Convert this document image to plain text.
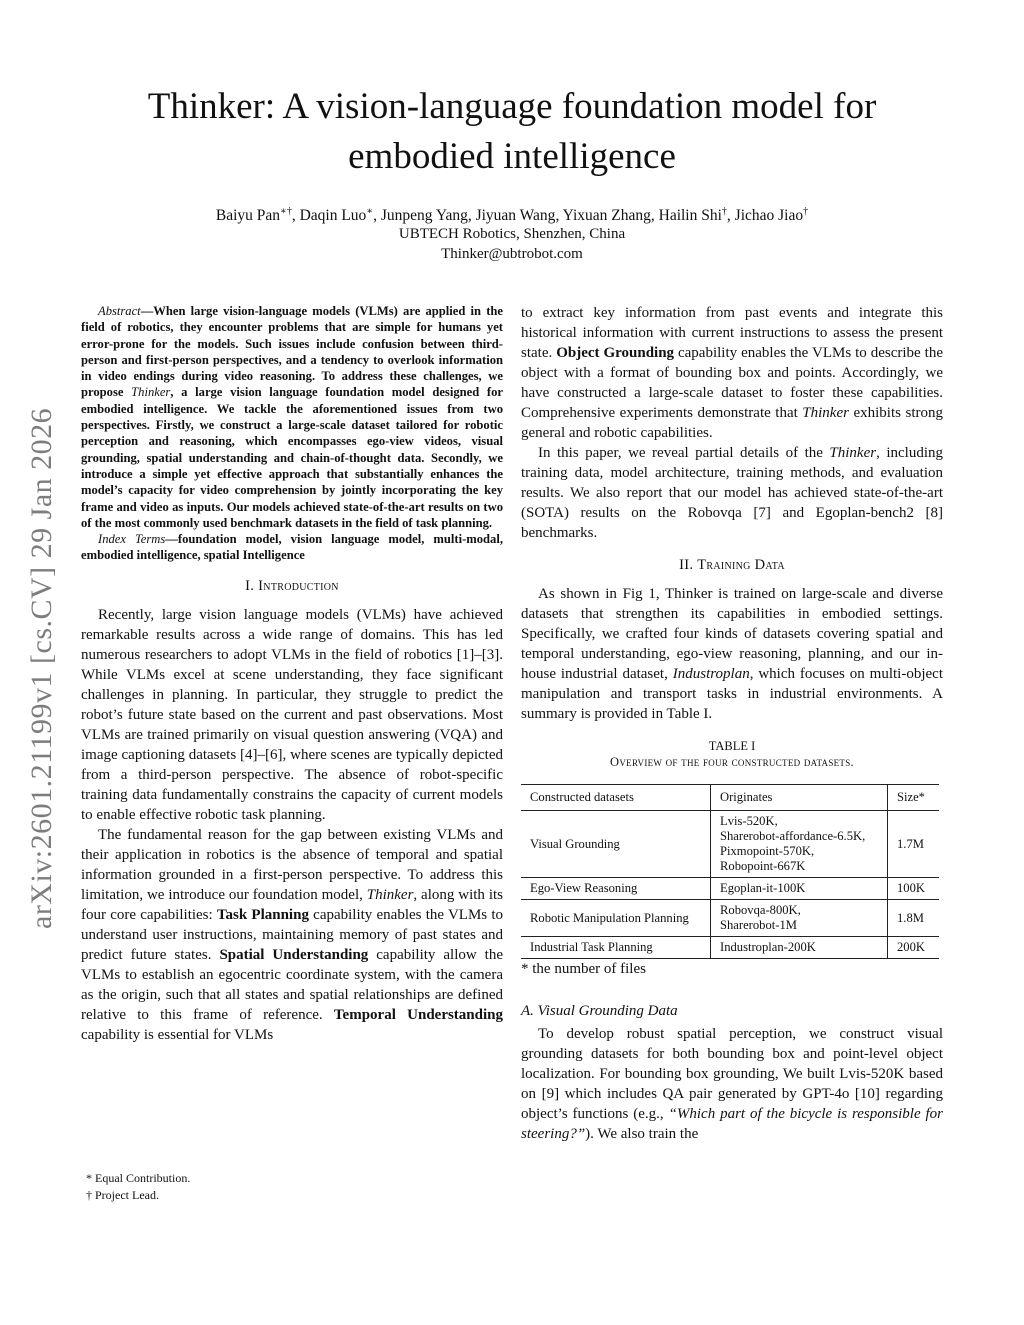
arXiv:2601.21199v1 [cs.CV] 29 Jan 2026
Thinker: A vision-language foundation model for
embodied intelligence
Baiyu Pan∗†, Daqin Luo∗, Junpeng Yang, Jiyuan Wang, Yixuan Zhang, Hailin Shi†, Jichao Jiao†
UBTECH Robotics, Shenzhen, China
Thinker@ubtrobot.com

Abstract—When large vision-language models (VLMs) are applied in the field of robotics, they encounter problems that are simple for humans yet error-prone for the models. Such issues include confusion between third-person and first-person perspectives, and a tendency to overlook information in video endings during video reasoning. To address these challenges, we propose Thinker, a large vision language foundation model designed for embodied intelligence. We tackle the aforementioned issues from two perspectives. Firstly, we construct a large-scale dataset tailored for robotic perception and reasoning, which encompasses ego-view videos, visual grounding, spatial understanding and chain-of-thought data. Secondly, we introduce a simple yet effective approach that substantially enhances the model’s capacity for video comprehension by jointly incorporating the key frame and video as inputs. Our models achieved state-of-the-art results on two of the most commonly used benchmark datasets in the field of task planning.

Index Terms—foundation model, vision language model, multi-modal, embodied intelligence, spatial Intelligence

I. Introduction

Recently, large vision language models (VLMs) have achieved remarkable results across a wide range of domains. This has led numerous researchers to adopt VLMs in the field of robotics [1]–[3]. While VLMs excel at scene understanding, they face significant challenges in planning. In particular, they struggle to predict the robot’s future state based on the current and past observations. Most VLMs are trained primarily on visual question answering (VQA) and image captioning datasets [4]–[6], where scenes are typically depicted from a third-person perspective. The absence of robot-specific training data fundamentally constrains the capacity of current models to enable effective robotic task planning.

The fundamental reason for the gap between existing VLMs and their application in robotics is the absence of temporal and spatial information grounded in a first-person perspective. To address this limitation, we introduce our foundation model, Thinker, along with its four core capabilities: Task Planning capability enables the VLMs to understand user instructions, maintaining memory of past states and predict future states. Spatial Understanding capability allow the VLMs to establish an egocentric coordinate system, with the camera as the origin, such that all states and spatial relationships are defined relative to this frame of reference. Temporal Understanding capability is essential for VLMs

* Equal Contribution.
† Project Lead.

to extract key information from past events and integrate this historical information with current instructions to assess the present state. Object Grounding capability enables the VLMs to describe the object with a format of bounding box and points. Accordingly, we have constructed a large-scale dataset to foster these capabilities. Comprehensive experiments demonstrate that Thinker exhibits strong general and robotic capabilities.

In this paper, we reveal partial details of the Thinker, including training data, model architecture, training methods, and evaluation results. We also report that our model has achieved state-of-the-art (SOTA) results on the Robovqa [7] and Egoplan-bench2 [8] benchmarks.

II. Training Data

As shown in Fig 1, Thinker is trained on large-scale and diverse datasets that strengthen its capabilities in embodied settings. Specifically, we crafted four kinds of datasets covering spatial and temporal understanding, ego-view reasoning, planning, and our in-house industrial dataset, Industroplan, which focuses on multi-object manipulation and transport tasks in industrial environments. A summary is provided in Table I.

TABLE I
Overview of the four constructed datasets.
Constructed datasets	Originates	Size*
Visual Grounding	Lvis-520K,
Sharerobot-affordance-6.5K,
Pixmopoint-570K,
Robopoint-667K	1.7M
Ego-View Reasoning	Egoplan-it-100K	100K
Robotic Manipulation Planning	Robovqa-800K,
Sharerobot-1M	1.8M
Industrial Task Planning	Industroplan-200K	200K

* the number of files

A. Visual Grounding Data

To develop robust spatial perception, we construct visual grounding datasets for both bounding box and point-level object localization. For bounding box grounding, We built Lvis-520K based on [9] which includes QA pair generated by GPT-4o [10] regarding object’s functions (e.g., “Which part of the bicycle is responsible for steering?”). We also train the
